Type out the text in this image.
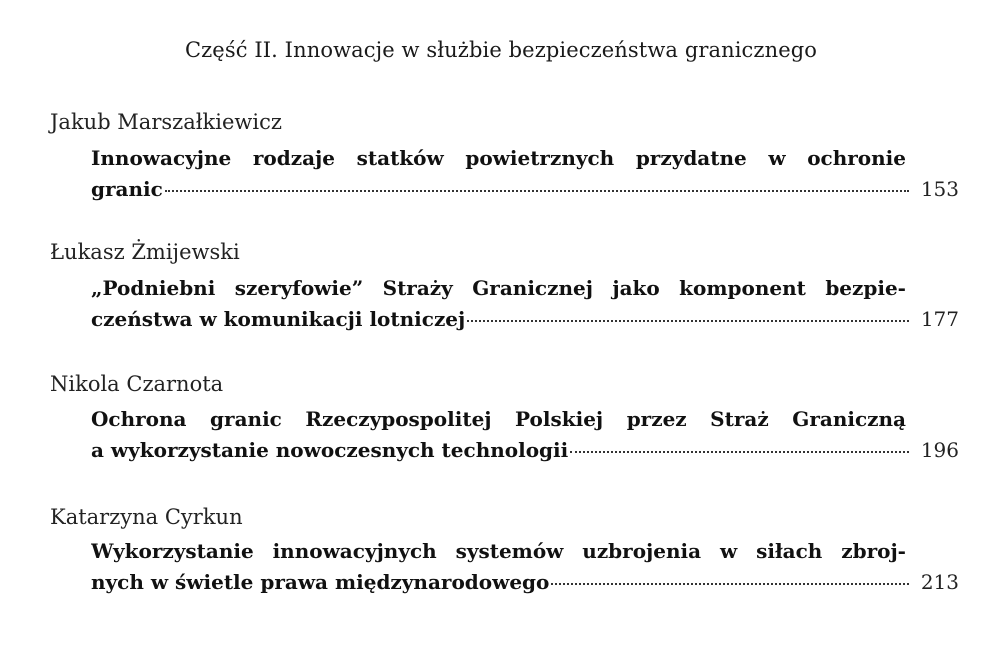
Część II. Innowacje w służbie bezpieczeństwa granicznego
Jakub Marszałkiewicz
Innowacyjne rodzaje statków powietrznych przydatne w ochronie
granic	153
Łukasz Żmijewski
„Podniebni szeryfowie” Straży Granicznej jako komponent bezpie-
czeństwa w komunikacji lotniczej	177
Nikola Czarnota
Ochrona granic Rzeczypospolitej Polskiej przez Straż Graniczną
a wykorzystanie nowoczesnych technologii	196
Katarzyna Cyrkun
Wykorzystanie innowacyjnych systemów uzbrojenia w siłach zbroj-
nych w świetle prawa międzynarodowego	213
